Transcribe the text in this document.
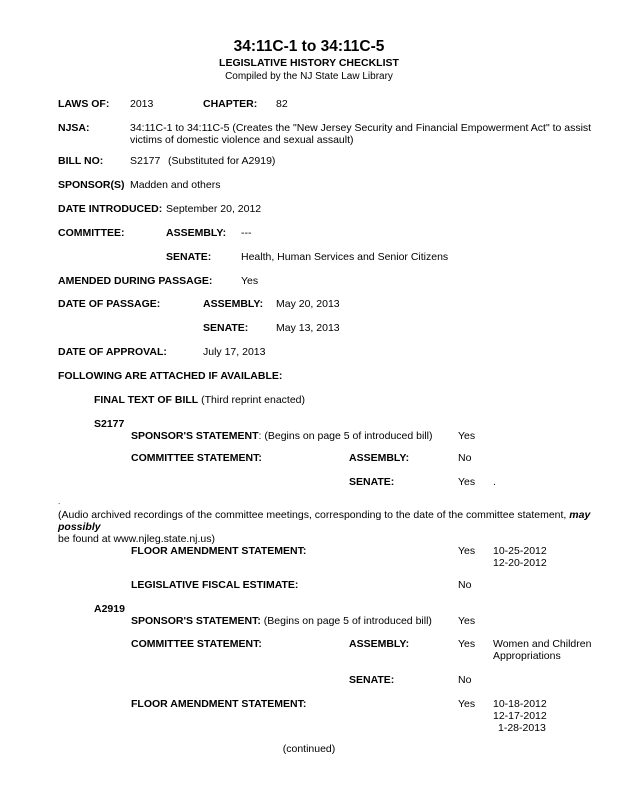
34:11C-1 to 34:11C-5
LEGISLATIVE HISTORY CHECKLIST
Compiled by the NJ State Law Library
LAWS OF: 2013	CHAPTER: 82
NJSA:	34:11C-1 to 34:11C-5 (Creates the "New Jersey Security and Financial Empowerment Act" to assist victims of domestic violence and sexual assault)
BILL NO:	S2177 (Substituted for A2919)
SPONSOR(S) Madden and others
DATE INTRODUCED: September 20, 2012
COMMITTEE:	ASSEMBLY: ---
SENATE:	Health, Human Services and Senior Citizens
AMENDED DURING PASSAGE:	Yes
DATE OF PASSAGE:	ASSEMBLY: May 20, 2013
SENATE:	May 13, 2013
DATE OF APPROVAL:	July 17, 2013
FOLLOWING ARE ATTACHED IF AVAILABLE:
FINAL TEXT OF BILL (Third reprint enacted)
S2177
SPONSOR'S STATEMENT: (Begins on page 5 of introduced bill) Yes
COMMITTEE STATEMENT:	ASSEMBLY:	No
SENATE:	Yes .
.
(Audio archived recordings of the committee meetings, corresponding to the date of the committee statement, may possibly
be found at www.njleg.state.nj.us)
FLOOR AMENDMENT STATEMENT:	Yes 10-25-2012
12-20-2012
LEGISLATIVE FISCAL ESTIMATE:	No
A2919
SPONSOR'S STATEMENT: (Begins on page 5 of introduced bill) Yes
COMMITTEE STATEMENT:	ASSEMBLY:	Yes Women and Children
Appropriations
SENATE:	No
FLOOR AMENDMENT STATEMENT:	Yes 10-18-2012
12-17-2012
1-28-2013
(continued)
